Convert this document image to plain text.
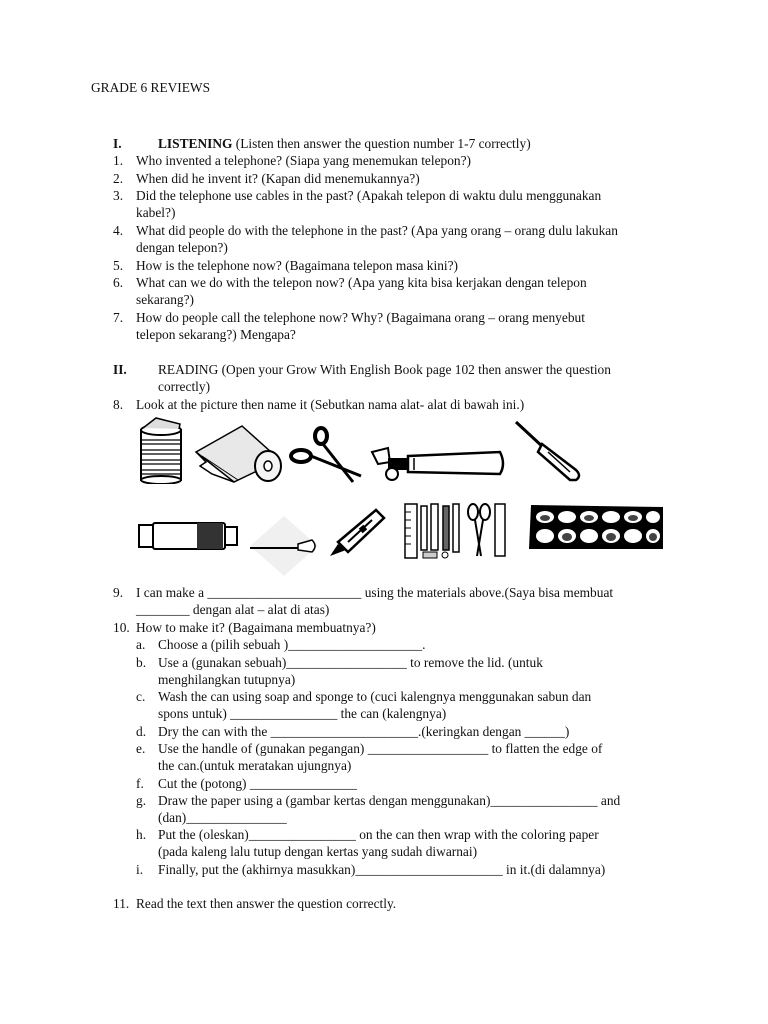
GRADE 6 REVIEWS
I.	LISTENING (Listen then answer the question number 1-7 correctly)
1. Who invented a telephone? (Siapa yang menemukan telepon?)
2. When did he invent it? (Kapan did menemukannya?)
3. Did the telephone use cables in the past? (Apakah telepon di waktu dulu menggunakan
kabel?)
4. What did people do with the telephone in the past? (Apa yang orang – orang dulu lakukan
dengan telepon?)
5. How is the telephone now? (Bagaimana telepon masa kini?)
6. What can we do with the telepon now? (Apa yang kita bisa kerjakan dengan telepon
sekarang?)
7. How do people call the telephone now? Why? (Bagaimana orang – orang menyebut
telepon sekarang?) Mengapa?
II. READING (Open your Grow With English Book page 102 then answer the question
correctly)
8. Look at the picture then name it (Sebutkan nama alat- alat di bawah ini.)
9. I can make a _______________________ using the materials above.(Saya bisa membuat
________ dengan alat – alat di atas)
10. How to make it? (Bagaimana membuatnya?)
a. Choose a (pilih sebuah )____________________.
b. Use a (gunakan sebuah)__________________ to remove the lid. (untuk
menghilangkan tutupnya)
c. Wash the can using soap and sponge to (cuci kalengnya menggunakan sabun dan
spons untuk) ________________ the can (kalengnya)
d. Dry the can with the ______________________.(keringkan dengan ______)
e. Use the handle of (gunakan pegangan) __________________ to flatten the edge of
the can.(untuk meratakan ujungnya)
f. Cut the (potong) ________________
g. Draw the paper using a (gambar kertas dengan menggunakan)________________ and
(dan)_______________
h. Put the (oleskan)________________ on the can then wrap with the coloring paper
(pada kaleng lalu tutup dengan kertas yang sudah diwarnai)
i. Finally, put the (akhirnya masukkan)______________________ in it.(di dalamnya)
11. Read the text then answer the question correctly.
